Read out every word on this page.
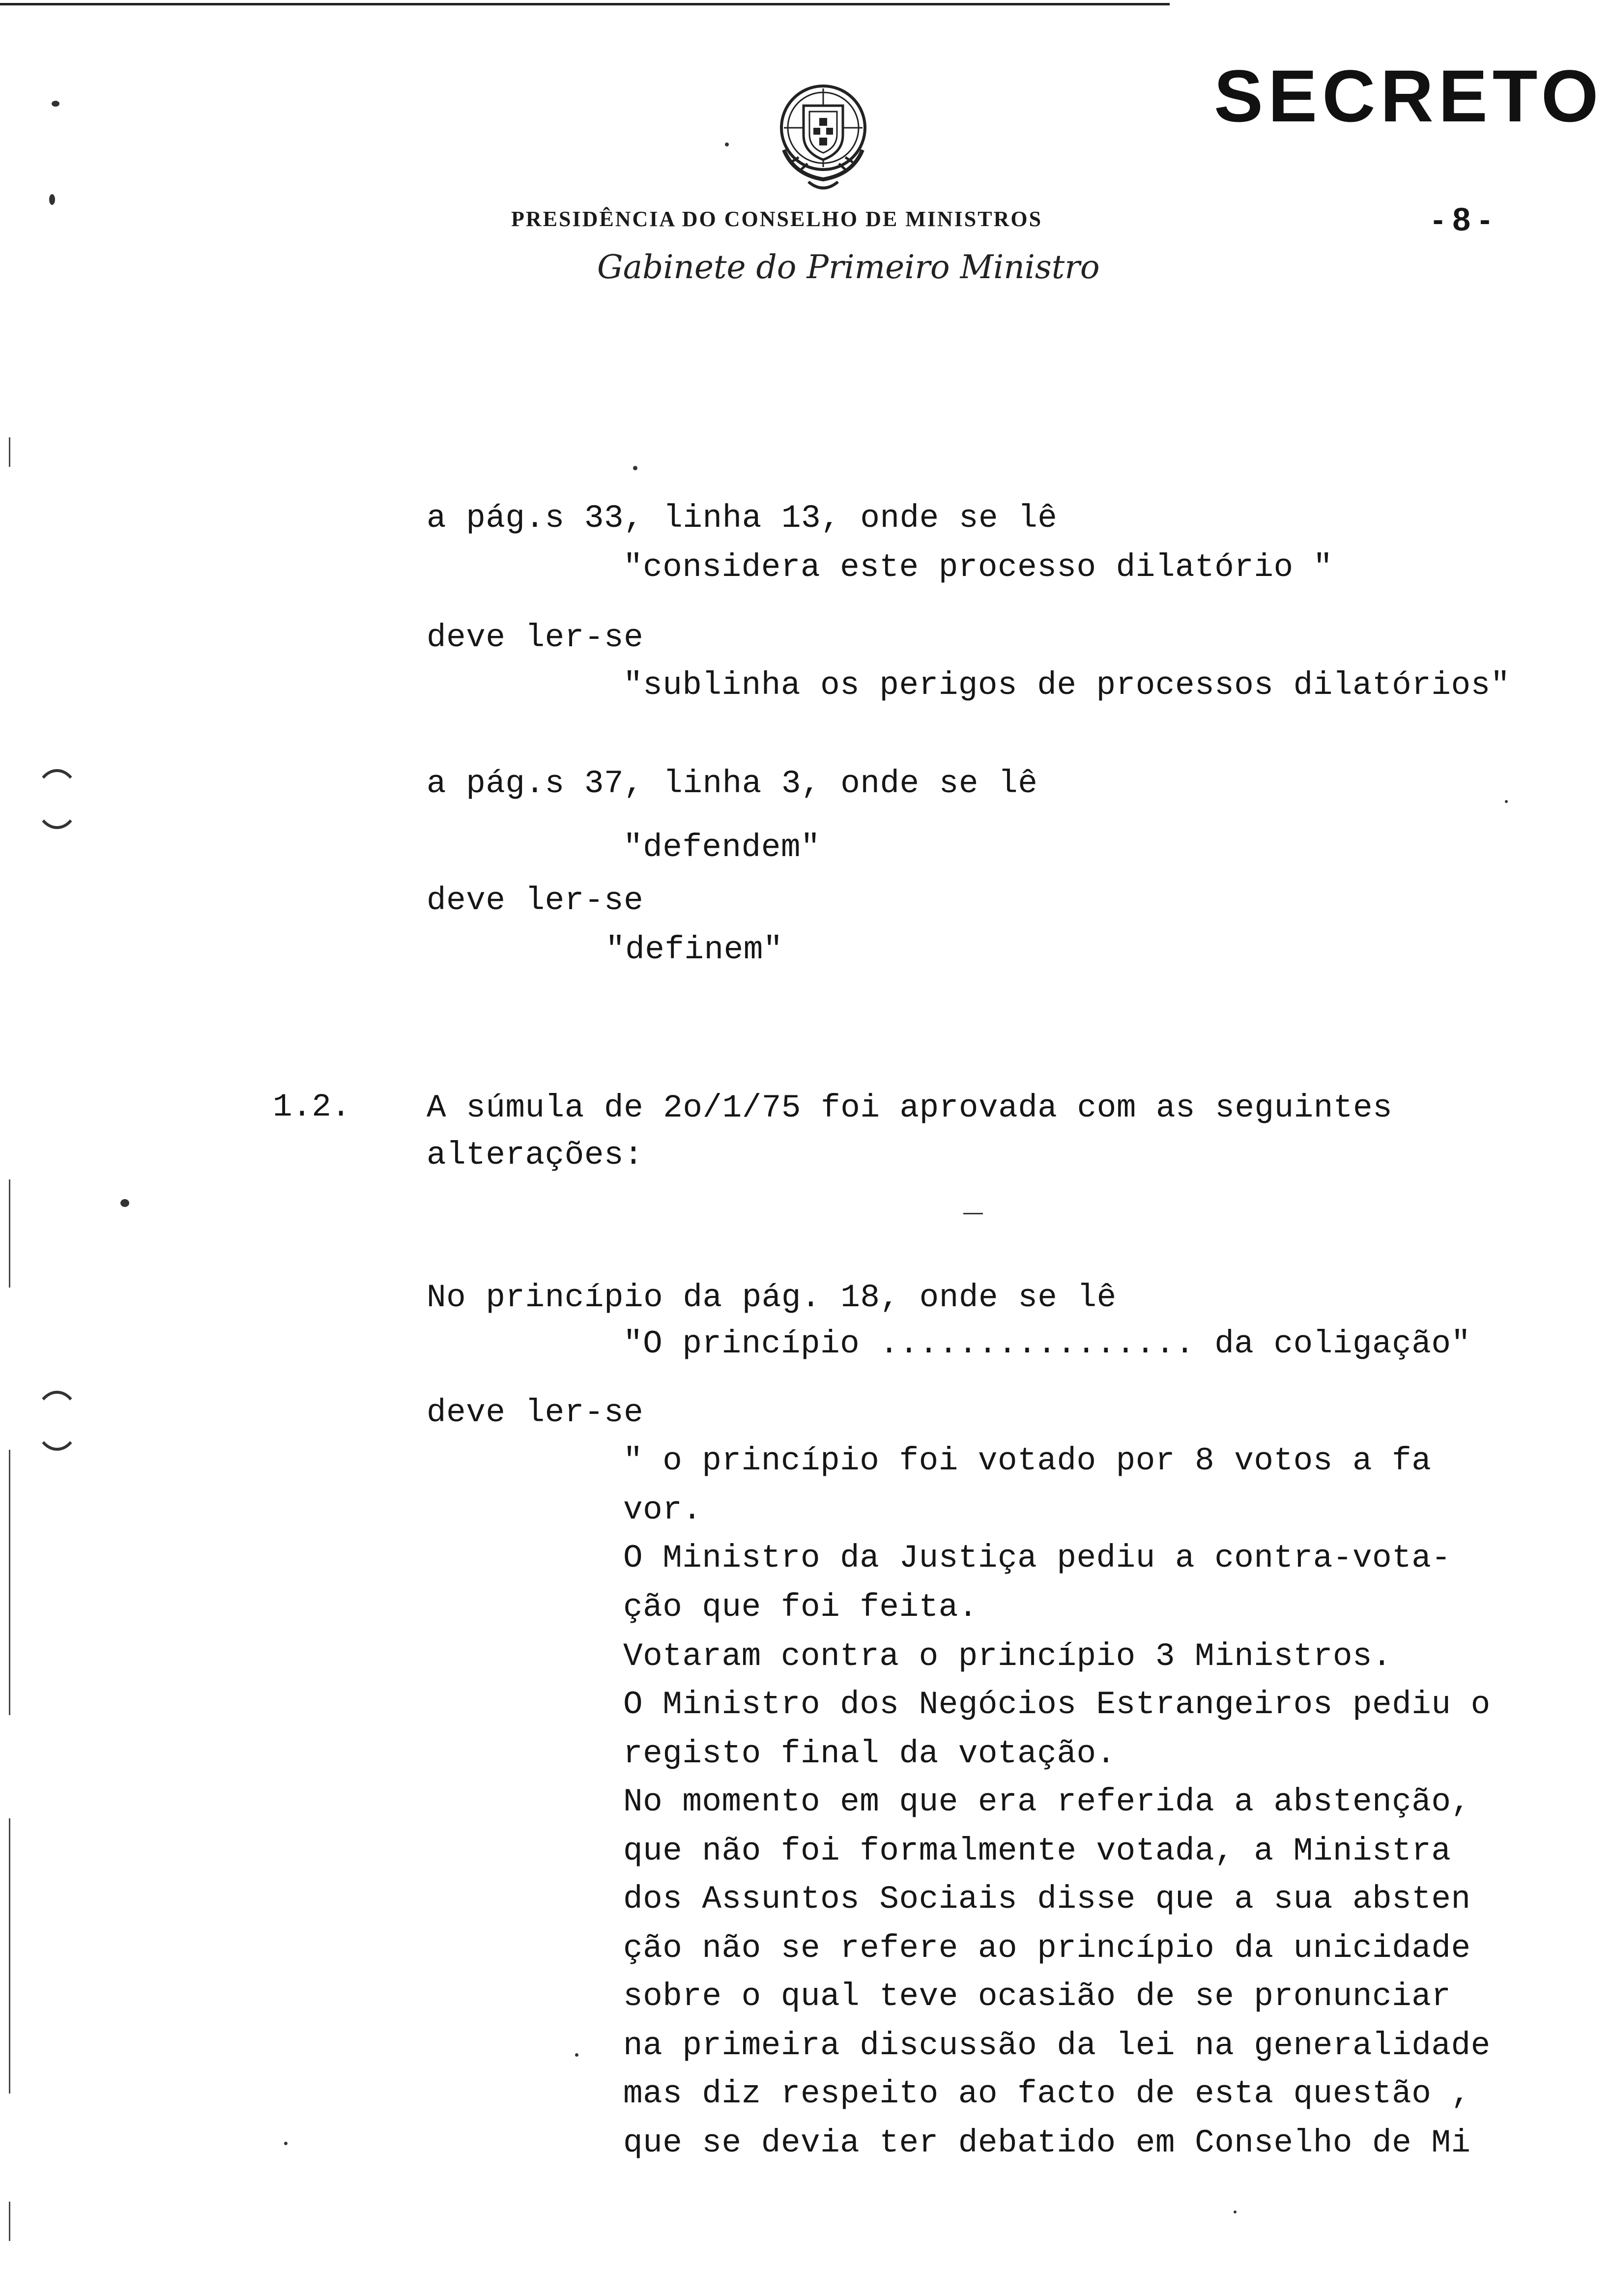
SECRETO
PRESIDÊNCIA DO CONSELHO DE MINISTROS	- 8 -
Gabinete do Primeiro Ministro
a pág.s 33, linha 13, onde se lê
"considera este processo dilatório "
deve ler-se
"sublinha os perigos de processos dilatórios"
a pág.s 37, linha 3, onde se lê
"defendem"
deve ler-se
"definem"
1.2. A súmula de 2o/1/75 foi aprovada com as seguintes
alterações:
No princípio da pág. 18, onde se lê
"O princípio ................ da coligação"
deve ler-se
" o princípio foi votado por 8 votos a fa
vor.
O Ministro da Justiça pediu a contra-vota-
ção que foi feita.
Votaram contra o princípio 3 Ministros.
O Ministro dos Negócios Estrangeiros pediu o
registo final da votação.
No momento em que era referida a abstenção,
que não foi formalmente votada, a Ministra
dos Assuntos Sociais disse que a sua absten
ção não se refere ao princípio da unicidade
sobre o qual teve ocasião de se pronunciar
na primeira discussão da lei na generalidade
mas diz respeito ao facto de esta questão ,
que se devia ter debatido em Conselho de Mi
